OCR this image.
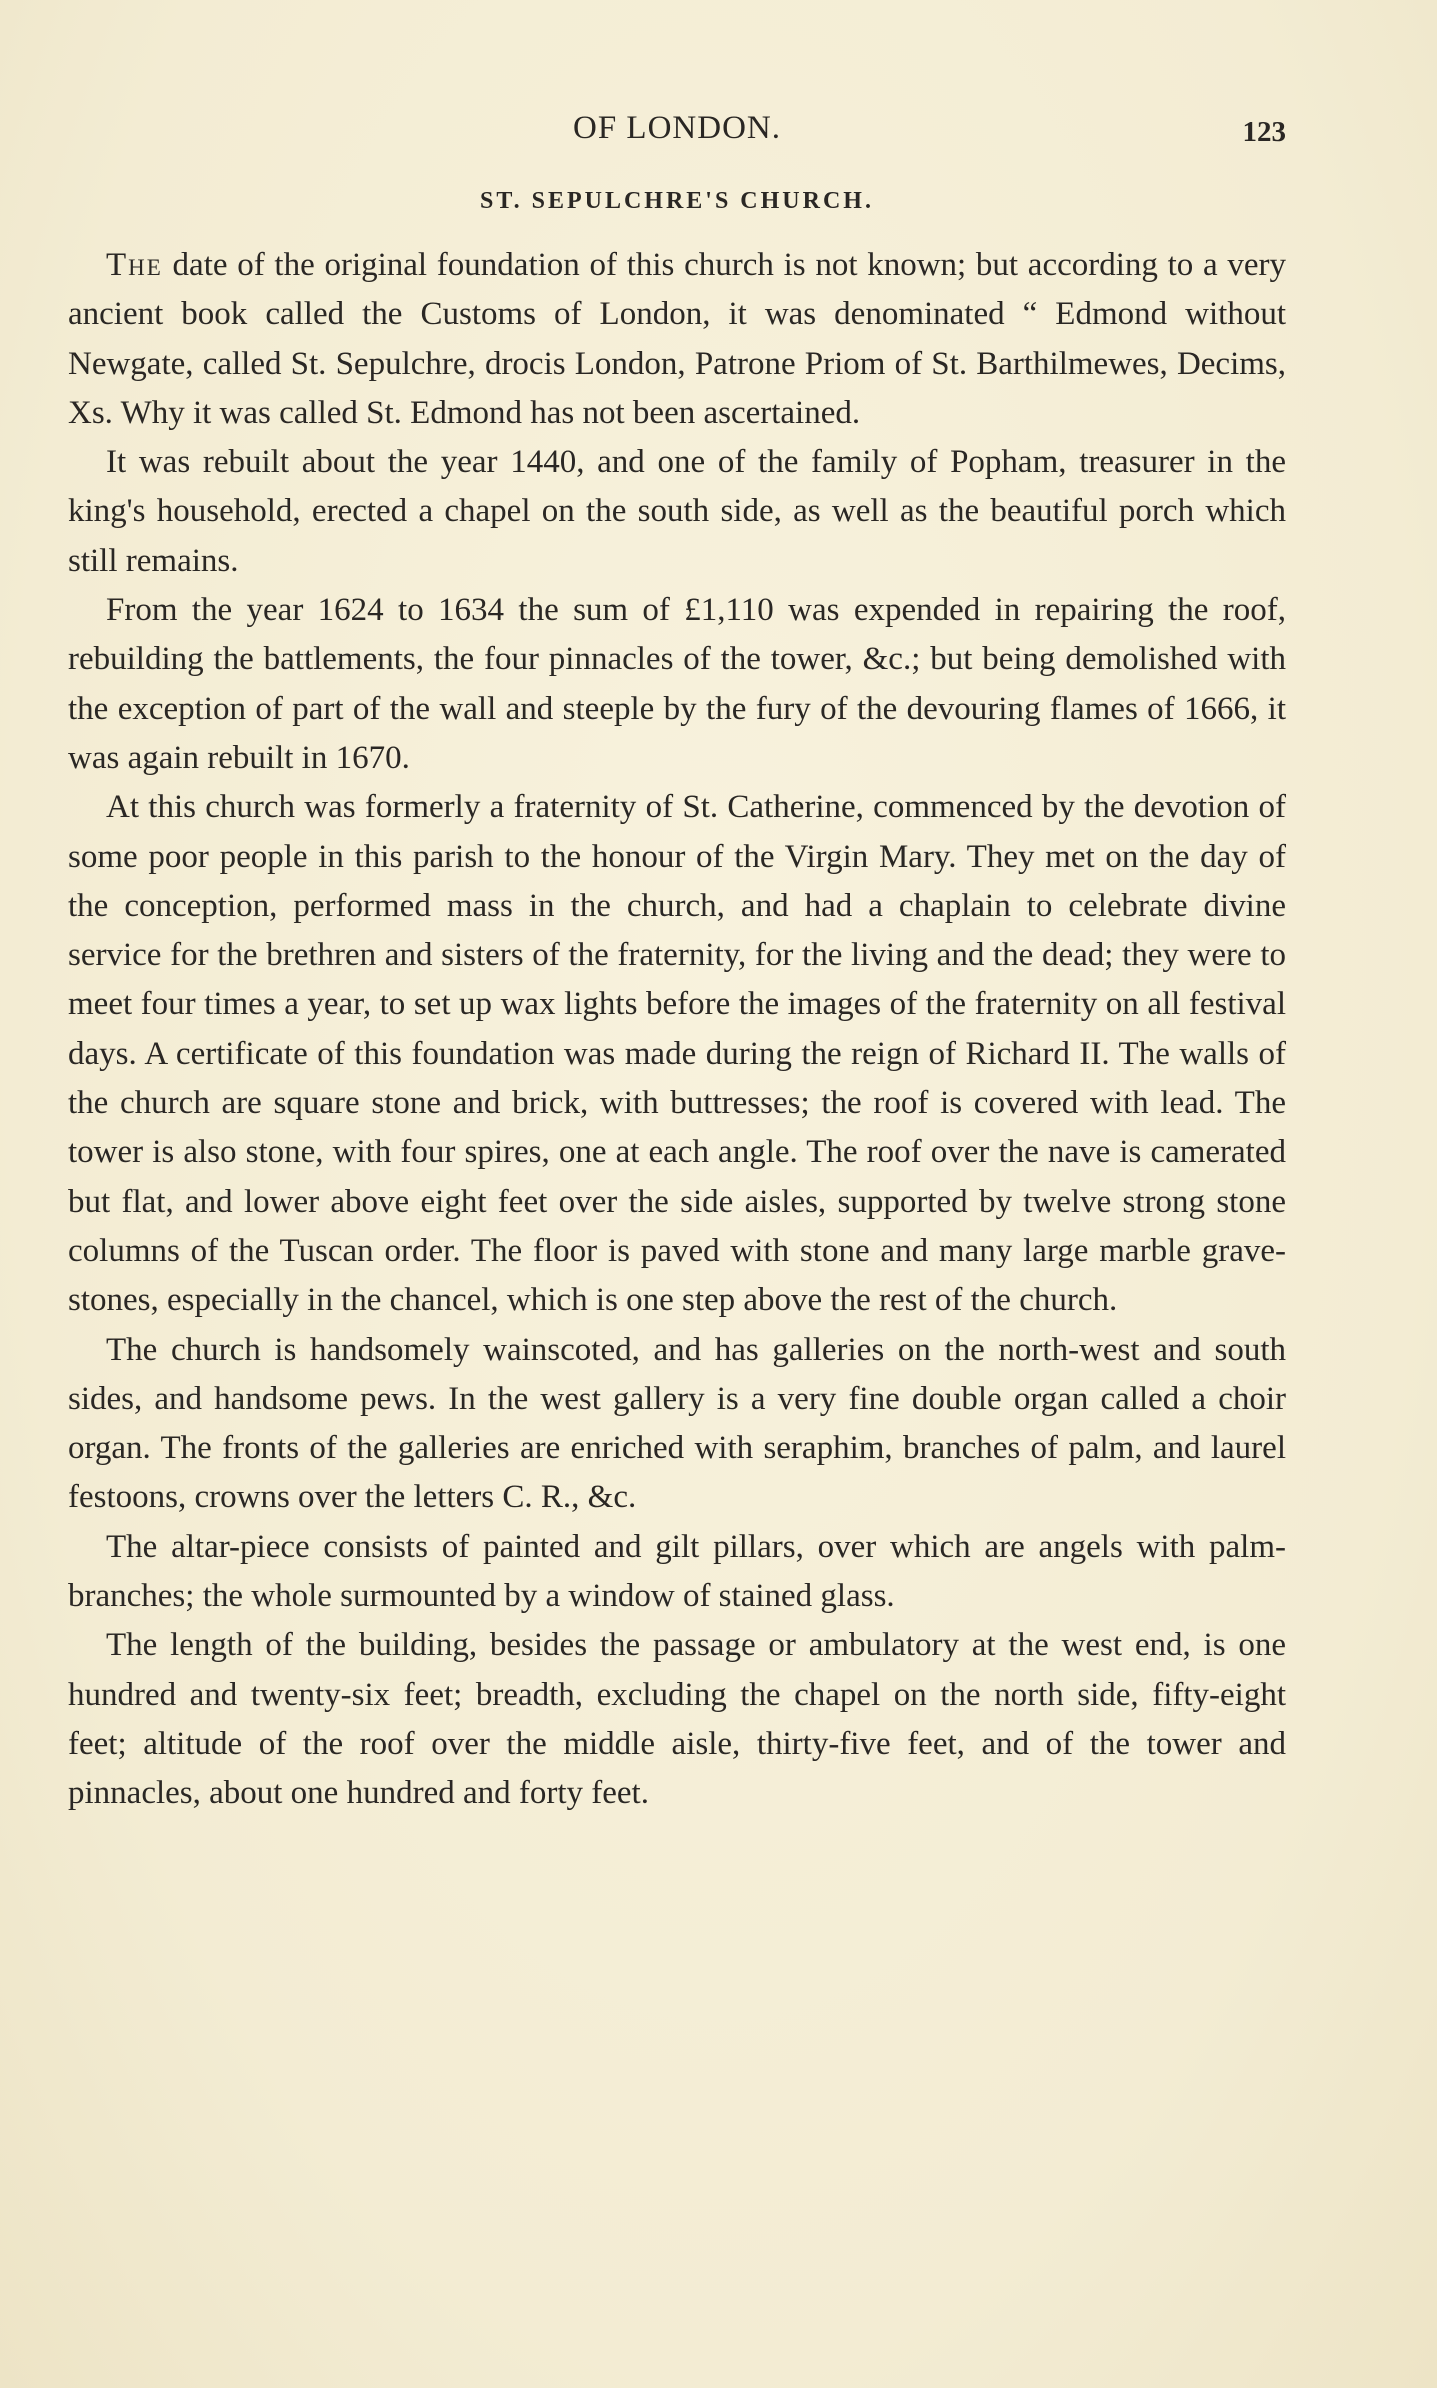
OF LONDON.	123
ST. SEPULCHRE'S CHURCH.

The date of the original foundation of this church is not known; but according to a very ancient book called the Customs of London, it was denominated “ Edmond without Newgate, called St. Sepulchre, drocis London, Patrone Priom of St. Barthilmewes, Decims, Xs. Why it was called St. Edmond has not been ascertained.

It was rebuilt about the year 1440, and one of the family of Popham, treasurer in the king's household, erected a chapel on the south side, as well as the beautiful porch which still remains.

From the year 1624 to 1634 the sum of £1,110 was expended in repairing the roof, rebuilding the battlements, the four pinnacles of the tower, &c.; but being demolished with the exception of part of the wall and steeple by the fury of the devouring flames of 1666, it was again rebuilt in 1670.

At this church was formerly a fraternity of St. Catherine, commenced by the devotion of some poor people in this parish to the honour of the Virgin Mary. They met on the day of the conception, performed mass in the church, and had a chaplain to celebrate divine service for the brethren and sisters of the fraternity, for the living and the dead; they were to meet four times a year, to set up wax lights before the images of the fraternity on all festival days. A certificate of this foundation was made during the reign of Richard II. The walls of the church are square stone and brick, with buttresses; the roof is covered with lead. The tower is also stone, with four spires, one at each angle. The roof over the nave is camerated but flat, and lower above eight feet over the side aisles, supported by twelve strong stone columns of the Tuscan order. The floor is paved with stone and many large marble grave-stones, especially in the chancel, which is one step above the rest of the church.

The church is handsomely wainscoted, and has galleries on the north-west and south sides, and handsome pews. In the west gallery is a very fine double organ called a choir organ. The fronts of the galleries are enriched with seraphim, branches of palm, and laurel festoons, crowns over the letters C. R., &c.

The altar-piece consists of painted and gilt pillars, over which are angels with palm-branches; the whole surmounted by a window of stained glass.

The length of the building, besides the passage or ambulatory at the west end, is one hundred and twenty-six feet; breadth, excluding the chapel on the north side, fifty-eight feet; altitude of the roof over the middle aisle, thirty-five feet, and of the tower and pinnacles, about one hundred and forty feet.
